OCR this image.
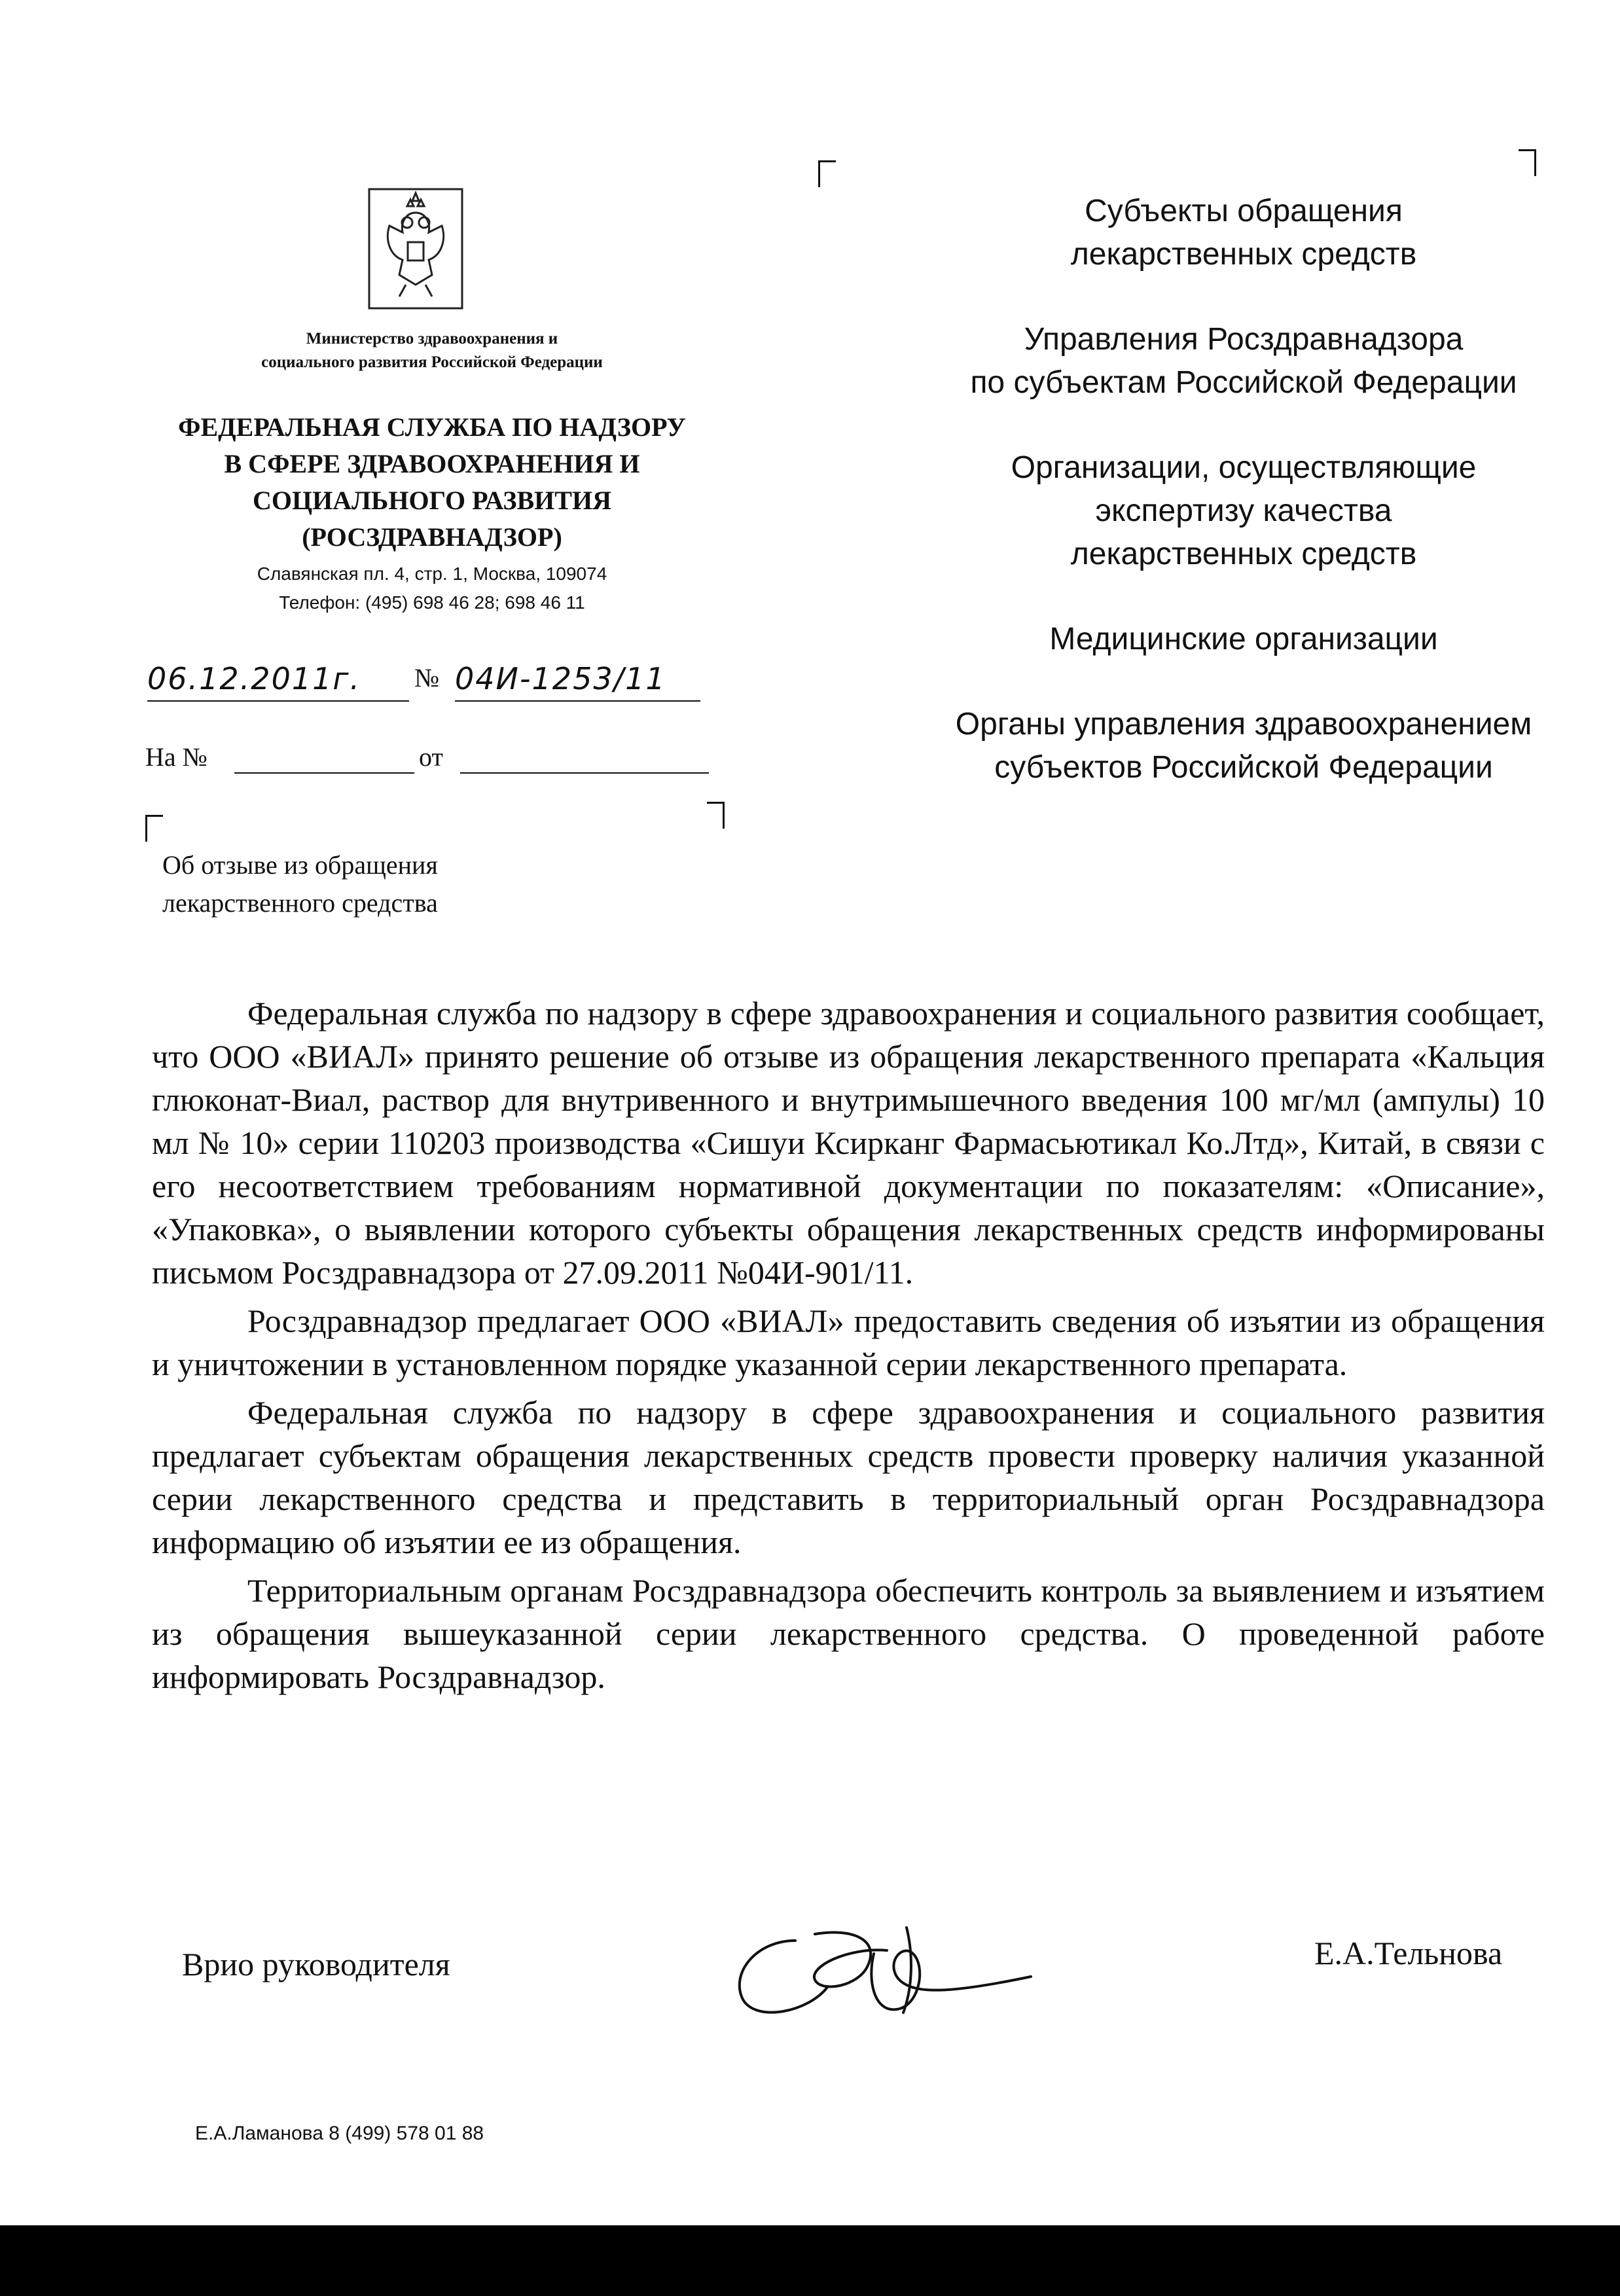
Министерство здравоохранения и
социального развития Российской Федерации
ФЕДЕРАЛЬНАЯ СЛУЖБА ПО НАДЗОРУ
В СФЕРЕ ЗДРАВООХРАНЕНИЯ И
СОЦИАЛЬНОГО РАЗВИТИЯ
(РОСЗДРАВНАДЗОР)
Славянская пл. 4, стр. 1, Москва, 109074
Телефон: (495) 698 46 28; 698 46 11
06.12.2011г.	№ 04И-1253/11
На №	от
Об отзыве из обращения
лекарственного средства
Субъекты обращения
лекарственных средств
Управления Росздравнадзора
по субъектам Российской Федерации
Организации, осуществляющие
экспертизу качества
лекарственных средств
Медицинские организации
Органы управления здравоохранением
субъектов Российской Федерации

Федеральная служба по надзору в сфере здравоохранения и социального развития сообщает, что ООО «ВИАЛ» принято решение об отзыве из обращения лекарственного препарата «Кальция глюконат-Виал, раствор для внутривенного и внутримышечного введения 100 мг/мл (ампулы) 10 мл № 10» серии 110203 производства «Сишуи Ксирканг Фармасьютикал Ко.Лтд», Китай, в связи с его несоответствием требованиям нормативной документации по показателям: «Описание», «Упаковка», о выявлении которого субъекты обращения лекарственных средств информированы письмом Росздравнадзора от 27.09.2011 №04И-901/11.

Росздравнадзор предлагает ООО «ВИАЛ» предоставить сведения об изъятии из обращения и уничтожении в установленном порядке указанной серии лекарственного препарата.

Федеральная служба по надзору в сфере здравоохранения и социального развития предлагает субъектам обращения лекарственных средств провести проверку наличия указанной серии лекарственного средства и представить в территориальный орган Росздравнадзора информацию об изъятии ее из обращения.

Территориальным органам Росздравнадзора обеспечить контроль за выявлением и изъятием из обращения вышеуказанной серии лекарственного средства. О проведенной работе информировать Росздравнадзор.

Врио руководителя	Е.А.Тельнова
Е.А.Ламанова 8 (499) 578 01 88
